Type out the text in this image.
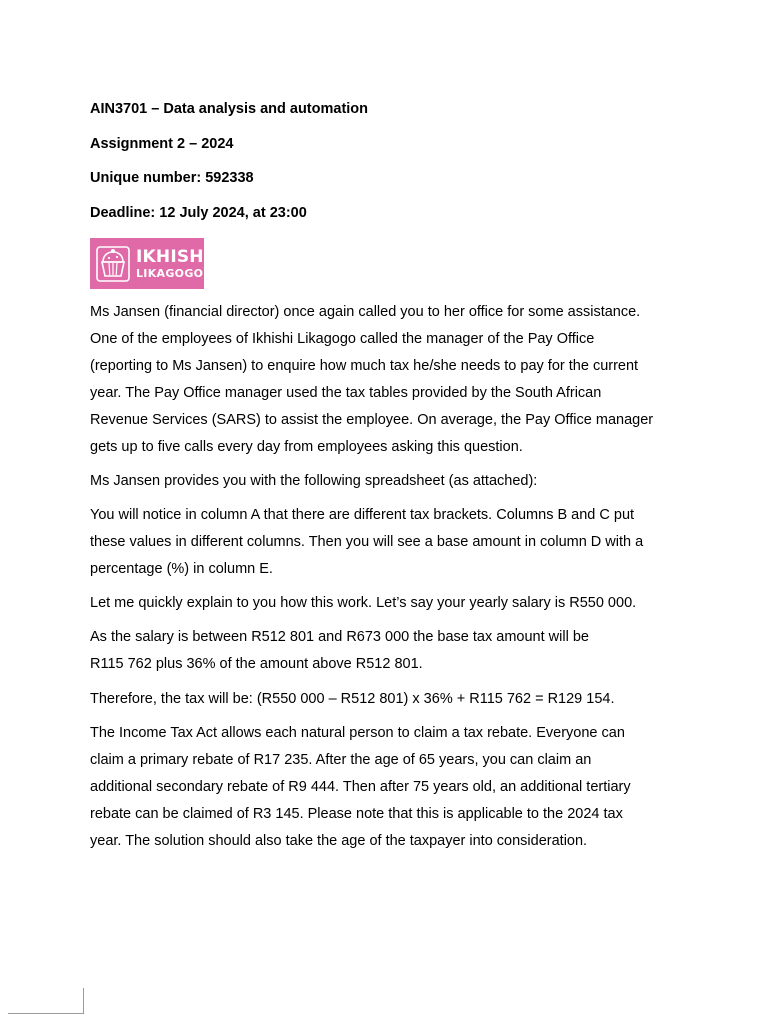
AIN3701 – Data analysis and automation
Assignment 2 – 2024
Unique number: 592338
Deadline: 12 July 2024, at 23:00
IKHISHI
LIKAGOGO

Ms Jansen (financial director) once again called you to her office for some assistance.
One of the employees of Ikhishi Likagogo called the manager of the Pay Office
(reporting to Ms Jansen) to enquire how much tax he/she needs to pay for the current
year. The Pay Office manager used the tax tables provided by the South African
Revenue Services (SARS) to assist the employee. On average, the Pay Office manager
gets up to five calls every day from employees asking this question.

Ms Jansen provides you with the following spreadsheet (as attached):

You will notice in column A that there are different tax brackets. Columns B and C put
these values in different columns. Then you will see a base amount in column D with a
percentage (%) in column E.

Let me quickly explain to you how this work. Let’s say your yearly salary is R550 000.

As the salary is between R512 801 and R673 000 the base tax amount will be
R115 762 plus 36% of the amount above R512 801.

Therefore, the tax will be: (R550 000 – R512 801) x 36% + R115 762 = R129 154.

The Income Tax Act allows each natural person to claim a tax rebate. Everyone can
claim a primary rebate of R17 235. After the age of 65 years, you can claim an
additional secondary rebate of R9 444. Then after 75 years old, an additional tertiary
rebate can be claimed of R3 145. Please note that this is applicable to the 2024 tax
year. The solution should also take the age of the taxpayer into consideration.
